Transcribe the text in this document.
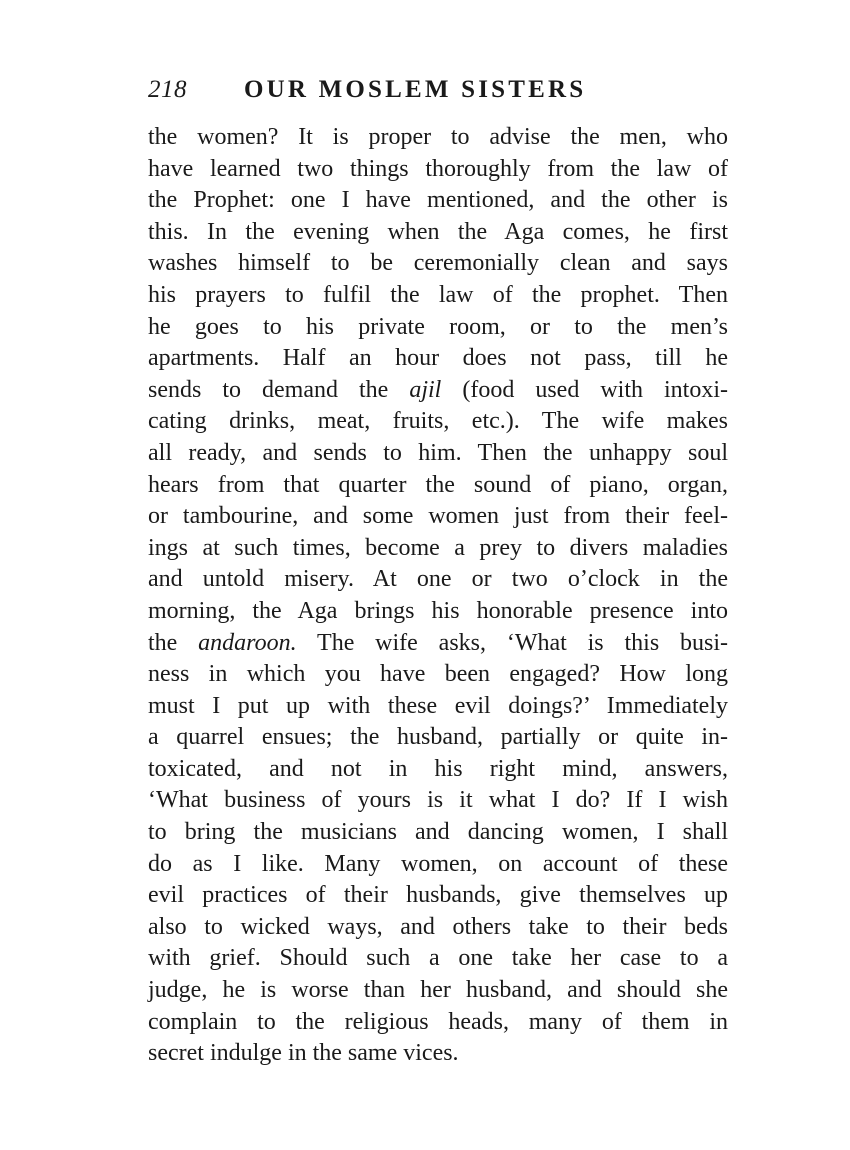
218 OUR MOSLEM SISTERS
the women? It is proper to advise the men, who
have learned two things thoroughly from the law of
the Prophet: one I have mentioned, and the other is
this. In the evening when the Aga comes, he first
washes himself to be ceremonially clean and says
his prayers to fulfil the law of the prophet. Then
he goes to his private room, or to the men’s
apartments. Half an hour does not pass, till he
sends to demand the ajil (food used with intoxi-
cating drinks, meat, fruits, etc.). The wife makes
all ready, and sends to him. Then the unhappy soul
hears from that quarter the sound of piano, organ,
or tambourine, and some women just from their feel-
ings at such times, become a prey to divers maladies
and untold misery. At one or two o’clock in the
morning, the Aga brings his honorable presence into
the andaroon. The wife asks, ‘What is this busi-
ness in which you have been engaged? How long
must I put up with these evil doings?’ Immediately
a quarrel ensues; the husband, partially or quite in-
toxicated, and not in his right mind, answers,
‘What business of yours is it what I do? If I wish
to bring the musicians and dancing women, I shall
do as I like. Many women, on account of these
evil practices of their husbands, give themselves up
also to wicked ways, and others take to their beds
with grief. Should such a one take her case to a
judge, he is worse than her husband, and should she
complain to the religious heads, many of them in
secret indulge in the same vices.
